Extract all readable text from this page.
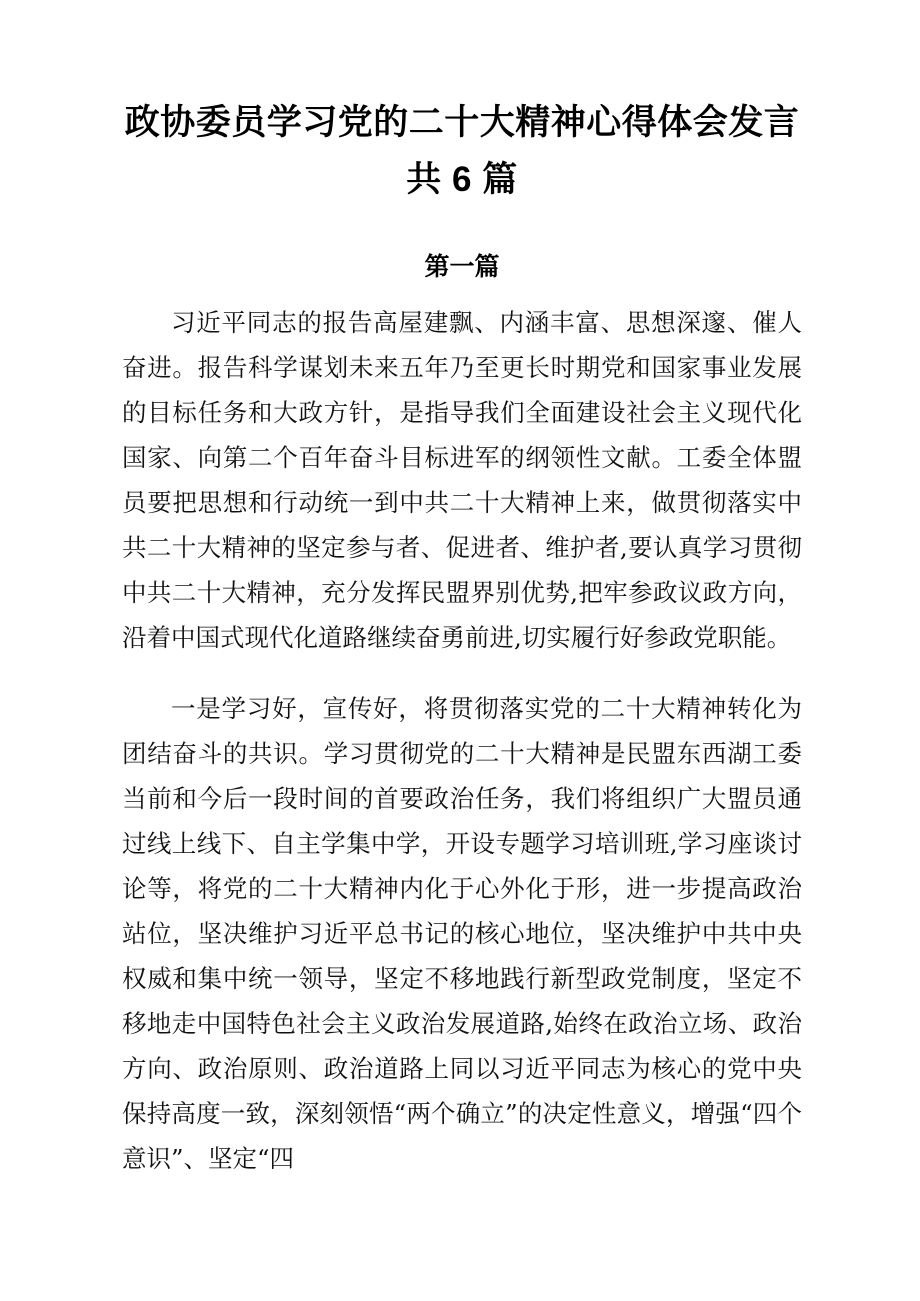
政协委员学习党的二十大精神心得体会发言共 6 篇
第一篇

习近平同志的报告高屋建飘、内涵丰富、思想深邃、催人奋进。报告科学谋划未来五年乃至更长时期党和国家事业发展的目标任务和大政方针，是指导我们全面建设社会主义现代化国家、向第二个百年奋斗目标进军的纲领性文献。工委全体盟员要把思想和行动统一到中共二十大精神上来，做贯彻落实中共二十大精神的坚定参与者、促进者、维护者,要认真学习贯彻中共二十大精神，充分发挥民盟界别优势,把牢参政议政方向，沿着中国式现代化道路继续奋勇前进,切实履行好参政党职能。

一是学习好，宣传好，将贯彻落实党的二十大精神转化为团结奋斗的共识。学习贯彻党的二十大精神是民盟东西湖工委当前和今后一段时间的首要政治任务，我们将组织广大盟员通过线上线下、自主学集中学，开设专题学习培训班,学习座谈讨论等，将党的二十大精神内化于心外化于形，进一步提高政治站位，坚决维护习近平总书记的核心地位，坚决维护中共中央权威和集中统一领导，坚定不移地践行新型政党制度，坚定不移地走中国特色社会主义政治发展道路,始终在政治立场、政治方向、政治原则、政治道路上同以习近平同志为核心的党中央保持高度一致，深刻领悟“两个确立”的决定性意义，增强“四个意识”、坚定“四
